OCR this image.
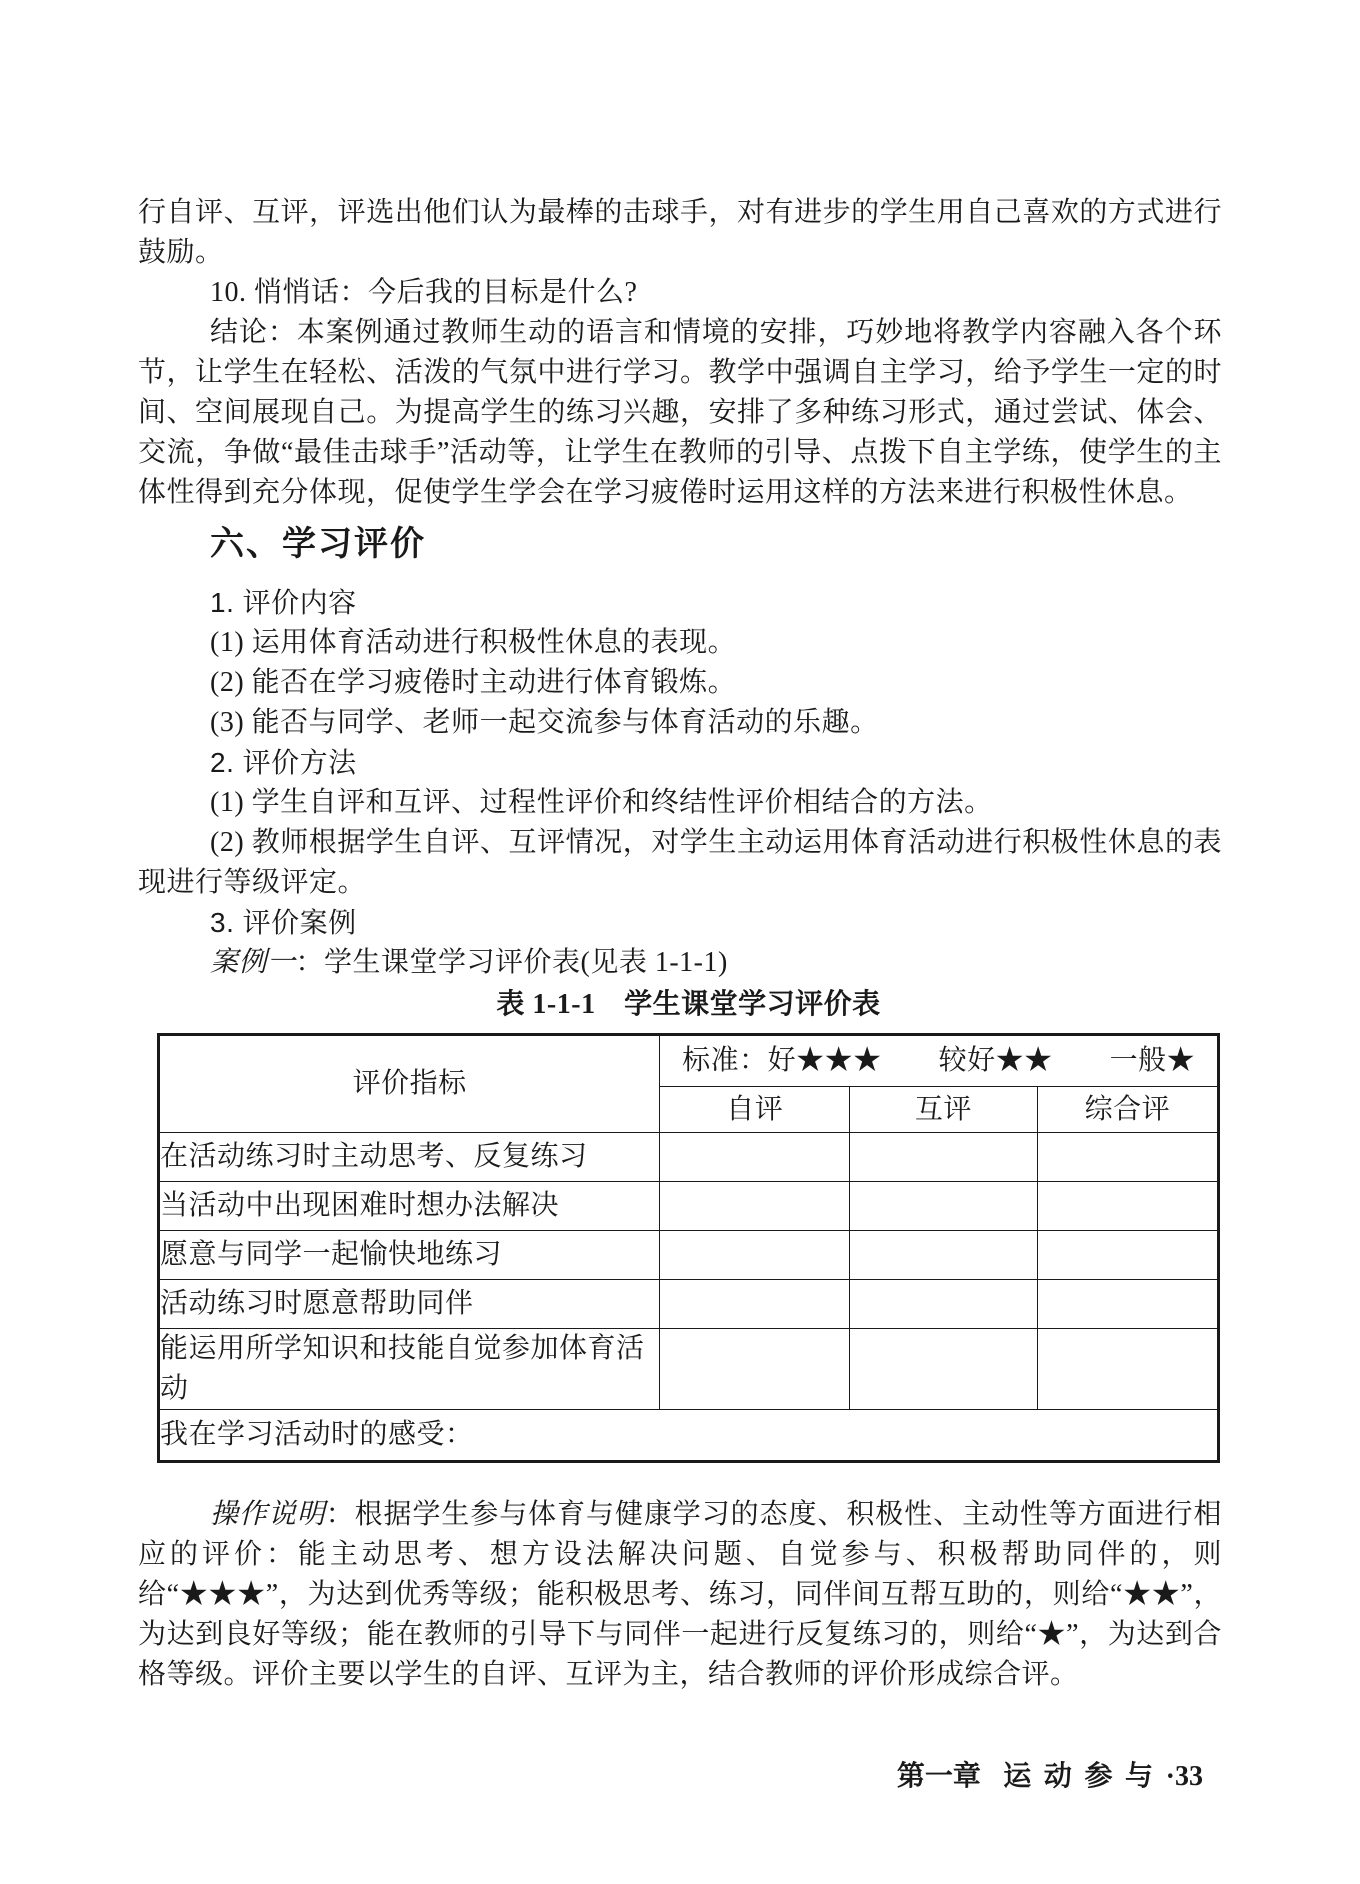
行自评、互评，评选出他们认为最棒的击球手，对有进步的学生用自己喜欢的方式进行鼓励。

10. 悄悄话：今后我的目标是什么?

结论：本案例通过教师生动的语言和情境的安排，巧妙地将教学内容融入各个环节，让学生在轻松、活泼的气氛中进行学习。教学中强调自主学习，给予学生一定的时间、空间展现自己。为提高学生的练习兴趣，安排了多种练习形式，通过尝试、体会、交流，争做“最佳击球手”活动等，让学生在教师的引导、点拨下自主学练，使学生的主体性得到充分体现，促使学生学会在学习疲倦时运用这样的方法来进行积极性休息。

六、学习评价

1. 评价内容

(1) 运用体育活动进行积极性休息的表现。

(2) 能否在学习疲倦时主动进行体育锻炼。

(3) 能否与同学、老师一起交流参与体育活动的乐趣。

2. 评价方法

(1) 学生自评和互评、过程性评价和终结性评价相结合的方法。

(2) 教师根据学生自评、互评情况，对学生主动运用体育活动进行积极性休息的表现进行等级评定。

3. 评价案例

案例一：学生课堂学习评价表(见表 1-1-1)

表 1-1-1　学生课堂学习评价表

评价指标	标准：好★★★　　较好★★　　一般★		
	自评	互评	综合评
在活动练习时主动思考、反复练习			
当活动中出现困难时想办法解决			
愿意与同学一起愉快地练习			
活动练习时愿意帮助同伴			
能运用所学知识和技能自觉参加体育活动			
我在学习活动时的感受：			

操作说明：根据学生参与体育与健康学习的态度、积极性、主动性等方面进行相应的评价：能主动思考、想方设法解决问题、自觉参与、积极帮助同伴的，则给“★★★”，为达到优秀等级；能积极思考、练习，同伴间互帮互助的，则给“★★”，为达到良好等级；能在教师的引导下与同伴一起进行反复练习的，则给“★”，为达到合格等级。评价主要以学生的自评、互评为主，结合教师的评价形成综合评。

第一章 运动参与·33
